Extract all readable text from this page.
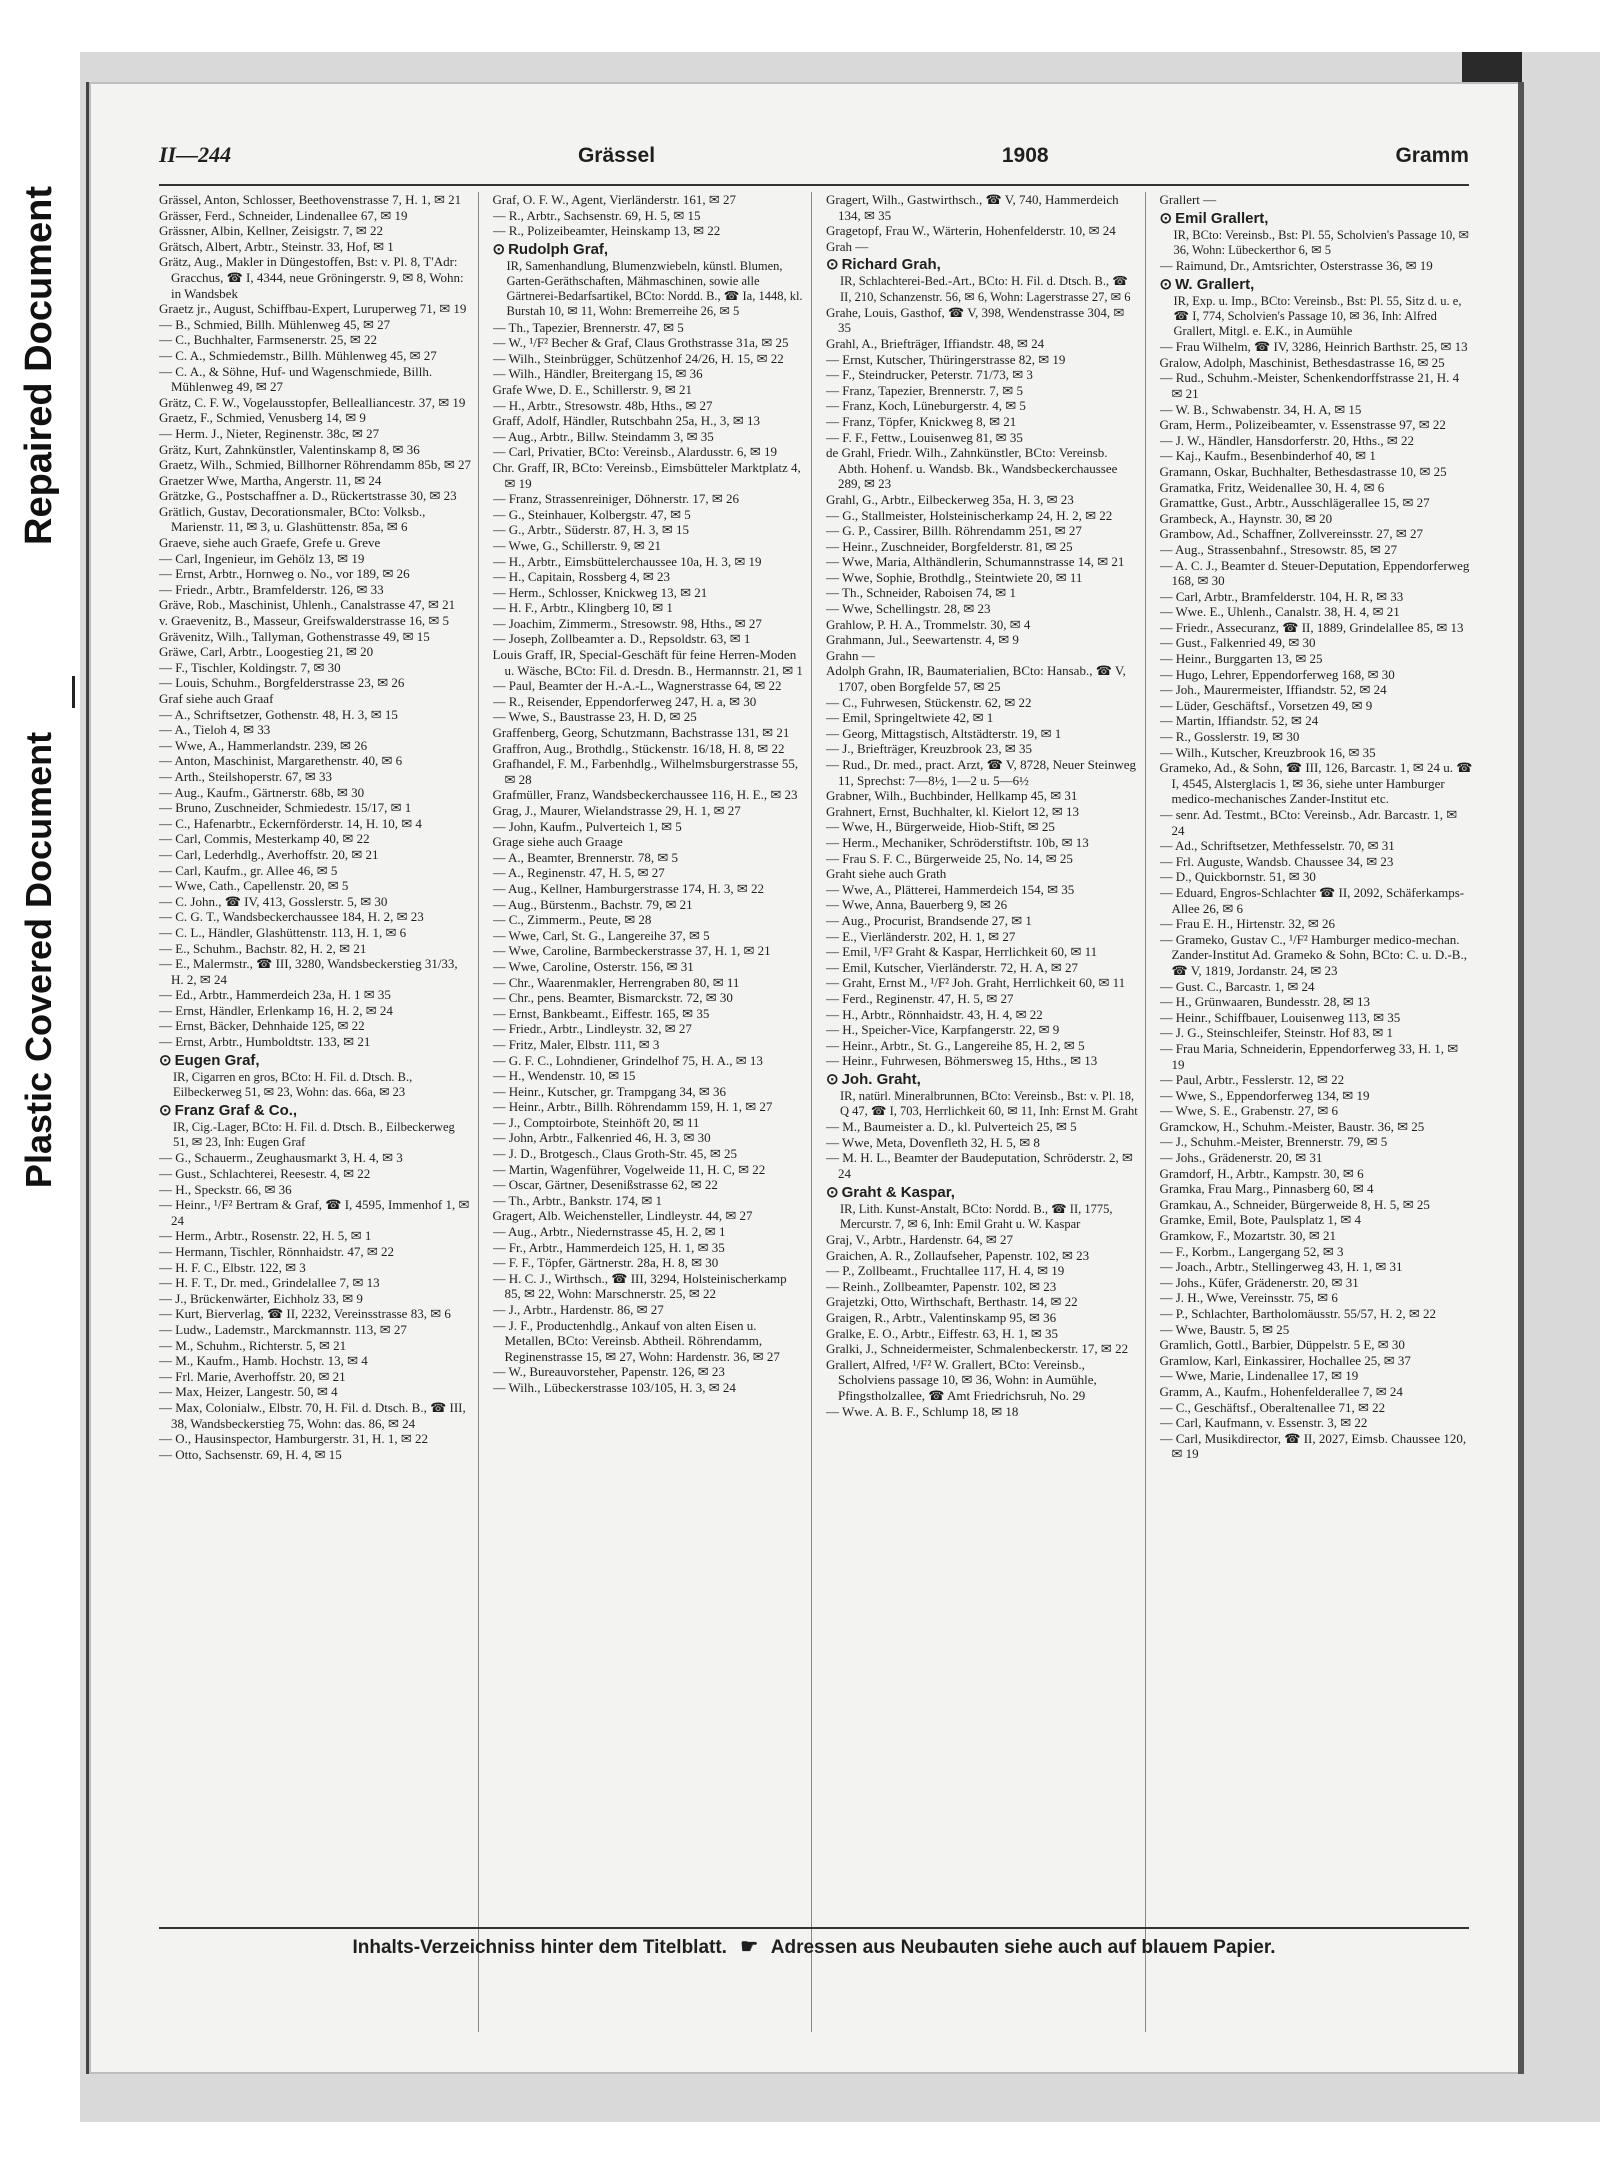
Repaired Document
Plastic Covered Document
II—244	Grässel	1908	Gramm

Grässel, Anton, Schlosser, Beethovenstrasse 7, H. 1, ✉ 21

Grässer, Ferd., Schneider, Lindenallee 67, ✉ 19

Grässner, Albin, Kellner, Zeisigstr. 7, ✉ 22

Grätsch, Albert, Arbtr., Steinstr. 33, Hof, ✉ 1

Grätz, Aug., Makler in Düngestoffen, Bst: v. Pl. 8, T'Adr: Gracchus, ☎ I, 4344, neue Gröningerstr. 9, ✉ 8, Wohn: in Wandsbek

Graetz jr., August, Schiffbau-Expert, Luruperweg 71, ✉ 19

— B., Schmied, Billh. Mühlenweg 45, ✉ 27

— C., Buchhalter, Farmsenerstr. 25, ✉ 22

— C. A., Schmiedemstr., Billh. Mühlenweg 45, ✉ 27

— C. A., & Söhne, Huf- und Wagenschmiede, Billh. Mühlenweg 49, ✉ 27

Grätz, C. F. W., Vogelausstopfer, Bellealliancestr. 37, ✉ 19

Graetz, F., Schmied, Venusberg 14, ✉ 9

— Herm. J., Nieter, Reginenstr. 38c, ✉ 27

Grätz, Kurt, Zahnkünstler, Valentinskamp 8, ✉ 36

Graetz, Wilh., Schmied, Billhorner Röhrendamm 85b, ✉ 27

Graetzer Wwe, Martha, Angerstr. 11, ✉ 24

Grätzke, G., Postschaffner a. D., Rückertstrasse 30, ✉ 23

Grätlich, Gustav, Decorationsmaler, BCto: Volksb., Marienstr. 11, ✉ 3, u. Glashüttenstr. 85a, ✉ 6

Graeve, siehe auch Graefe, Grefe u. Greve

— Carl, Ingenieur, im Gehölz 13, ✉ 19

— Ernst, Arbtr., Hornweg o. No., vor 189, ✉ 26

— Friedr., Arbtr., Bramfelderstr. 126, ✉ 33

Gräve, Rob., Maschinist, Uhlenh., Canalstrasse 47, ✉ 21

v. Graevenitz, B., Masseur, Greifswalderstrasse 16, ✉ 5

Grävenitz, Wilh., Tallyman, Gothenstrasse 49, ✉ 15

Gräwe, Carl, Arbtr., Loogestieg 21, ✉ 20

— F., Tischler, Koldingstr. 7, ✉ 30

— Louis, Schuhm., Borgfelderstrasse 23, ✉ 26

Graf siehe auch Graaf

— A., Schriftsetzer, Gothenstr. 48, H. 3, ✉ 15

— A., Tieloh 4, ✉ 33

— Wwe, A., Hammerlandstr. 239, ✉ 26

— Anton, Maschinist, Margarethenstr. 40, ✉ 6

— Arth., Steilshoperstr. 67, ✉ 33

— Aug., Kaufm., Gärtnerstr. 68b, ✉ 30

— Bruno, Zuschneider, Schmiedestr. 15/17, ✉ 1

— C., Hafenarbtr., Eckernförderstr. 14, H. 10, ✉ 4

— Carl, Commis, Mesterkamp 40, ✉ 22

— Carl, Lederhdlg., Averhoffstr. 20, ✉ 21

— Carl, Kaufm., gr. Allee 46, ✉ 5

— Wwe, Cath., Capellenstr. 20, ✉ 5

— C. John., ☎ IV, 413, Gosslerstr. 5, ✉ 30

— C. G. T., Wandsbeckerchaussee 184, H. 2, ✉ 23

— C. L., Händler, Glashüttenstr. 113, H. 1, ✉ 6

— E., Schuhm., Bachstr. 82, H. 2, ✉ 21

— E., Malermstr., ☎ III, 3280, Wandsbeckerstieg 31/33, H. 2, ✉ 24

— Ed., Arbtr., Hammerdeich 23a, H. 1 ✉ 35

— Ernst, Händler, Erlenkamp 16, H. 2, ✉ 24

— Ernst, Bäcker, Dehnhaide 125, ✉ 22

— Ernst, Arbtr., Humboldtstr. 133, ✉ 21

⊙ Eugen Graf,
IR, Cigarren en gros, BCto: H. Fil. d. Dtsch. B., Eilbeckerweg 51, ✉ 23, Wohn: das. 66a, ✉ 23
⊙ Franz Graf & Co.,
IR, Cig.-Lager, BCto: H. Fil. d. Dtsch. B., Eilbeckerweg 51, ✉ 23, Inh: Eugen Graf

— G., Schauerm., Zeughausmarkt 3, H. 4, ✉ 3

— Gust., Schlachterei, Reesestr. 4, ✉ 22

— H., Speckstr. 66, ✉ 36

— Heinr., ¹/F² Bertram & Graf, ☎ I, 4595, Immenhof 1, ✉ 24

— Herm., Arbtr., Rosenstr. 22, H. 5, ✉ 1

— Hermann, Tischler, Rönnhaidstr. 47, ✉ 22

— H. F. C., Elbstr. 122, ✉ 3

— H. F. T., Dr. med., Grindelallee 7, ✉ 13

— J., Brückenwärter, Eichholz 33, ✉ 9

— Kurt, Bierverlag, ☎ II, 2232, Vereinsstrasse 83, ✉ 6

— Ludw., Lademstr., Marckmannstr. 113, ✉ 27

— M., Schuhm., Richterstr. 5, ✉ 21

— M., Kaufm., Hamb. Hochstr. 13, ✉ 4

— Frl. Marie, Averhoffstr. 20, ✉ 21

— Max, Heizer, Langestr. 50, ✉ 4

— Max, Colonialw., Elbstr. 70, H. Fil. d. Dtsch. B., ☎ III, 38, Wandsbeckerstieg 75, Wohn: das. 86, ✉ 24

— O., Hausinspector, Hamburgerstr. 31, H. 1, ✉ 22

— Otto, Sachsenstr. 69, H. 4, ✉ 15

Graf, O. F. W., Agent, Vierländerstr. 161, ✉ 27

— R., Arbtr., Sachsenstr. 69, H. 5, ✉ 15

— R., Polizeibeamter, Heinskamp 13, ✉ 22

⊙ Rudolph Graf,
IR, Samenhandlung, Blumenzwiebeln, künstl. Blumen, Garten-Geräthschaften, Mähmaschinen, sowie alle Gärtnerei-Bedarfsartikel, BCto: Nordd. B., ☎ Ia, 1448, kl. Burstah 10, ✉ 11, Wohn: Bremerreihe 26, ✉ 5

— Th., Tapezier, Brennerstr. 47, ✉ 5

— W., ¹/F² Becher & Graf, Claus Grothstrasse 31a, ✉ 25

— Wilh., Steinbrügger, Schützenhof 24/26, H. 15, ✉ 22

— Wilh., Händler, Breitergang 15, ✉ 36

Grafe Wwe, D. E., Schillerstr. 9, ✉ 21

— H., Arbtr., Stresowstr. 48b, Hths., ✉ 27

Graff, Adolf, Händler, Rutschbahn 25a, H., 3, ✉ 13

— Aug., Arbtr., Billw. Steindamm 3, ✉ 35

— Carl, Privatier, BCto: Vereinsb., Alardusstr. 6, ✉ 19

Chr. Graff, IR, BCto: Vereinsb., Eimsbütteler Marktplatz 4, ✉ 19

— Franz, Strassenreiniger, Döhnerstr. 17, ✉ 26

— G., Steinhauer, Kolbergstr. 47, ✉ 5

— G., Arbtr., Süderstr. 87, H. 3, ✉ 15

— Wwe, G., Schillerstr. 9, ✉ 21

— H., Arbtr., Eimsbüttelerchaussee 10a, H. 3, ✉ 19

— H., Capitain, Rossberg 4, ✉ 23

— Herm., Schlosser, Knickweg 13, ✉ 21

— H. F., Arbtr., Klingberg 10, ✉ 1

— Joachim, Zimmerm., Stresowstr. 98, Hths., ✉ 27

— Joseph, Zollbeamter a. D., Repsoldstr. 63, ✉ 1

Louis Graff, IR, Special-Geschäft für feine Herren-Moden u. Wäsche, BCto: Fil. d. Dresdn. B., Hermannstr. 21, ✉ 1

— Paul, Beamter der H.-A.-L., Wagnerstrasse 64, ✉ 22

— R., Reisender, Eppendorferweg 247, H. a, ✉ 30

— Wwe, S., Baustrasse 23, H. D, ✉ 25

Graffenberg, Georg, Schutzmann, Bachstrasse 131, ✉ 21

Graffron, Aug., Brothdlg., Stückenstr. 16/18, H. 8, ✉ 22

Grafhandel, F. M., Farbenhdlg., Wilhelmsburgerstrasse 55, ✉ 28

Grafmüller, Franz, Wandsbeckerchaussee 116, H. E., ✉ 23

Grag, J., Maurer, Wielandstrasse 29, H. 1, ✉ 27

— John, Kaufm., Pulverteich 1, ✉ 5

Grage siehe auch Graage

— A., Beamter, Brennerstr. 78, ✉ 5

— A., Reginenstr. 47, H. 5, ✉ 27

— Aug., Kellner, Hamburgerstrasse 174, H. 3, ✉ 22

— Aug., Bürstenm., Bachstr. 79, ✉ 21

— C., Zimmerm., Peute, ✉ 28

— Wwe, Carl, St. G., Langereihe 37, ✉ 5

— Wwe, Caroline, Barmbeckerstrasse 37, H. 1, ✉ 21

— Wwe, Caroline, Osterstr. 156, ✉ 31

— Chr., Waarenmakler, Herrengraben 80, ✉ 11

— Chr., pens. Beamter, Bismarckstr. 72, ✉ 30

— Ernst, Bankbeamt., Eiffestr. 165, ✉ 35

— Friedr., Arbtr., Lindleystr. 32, ✉ 27

— Fritz, Maler, Elbstr. 111, ✉ 3

— G. F. C., Lohndiener, Grindelhof 75, H. A., ✉ 13

— H., Wendenstr. 10, ✉ 15

— Heinr., Kutscher, gr. Trampgang 34, ✉ 36

— Heinr., Arbtr., Billh. Röhrendamm 159, H. 1, ✉ 27

— J., Comptoirbote, Steinhöft 20, ✉ 11

— John, Arbtr., Falkenried 46, H. 3, ✉ 30

— J. D., Brotgesch., Claus Groth-Str. 45, ✉ 25

— Martin, Wagenführer, Vogelweide 11, H. C, ✉ 22

— Oscar, Gärtner, Desenißstrasse 62, ✉ 22

— Th., Arbtr., Bankstr. 174, ✉ 1

Gragert, Alb. Weichensteller, Lindleystr. 44, ✉ 27

— Aug., Arbtr., Niedernstrasse 45, H. 2, ✉ 1

— Fr., Arbtr., Hammerdeich 125, H. 1, ✉ 35

— F. F., Töpfer, Gärtnerstr. 28a, H. 8, ✉ 30

— H. C. J., Wirthsch., ☎ III, 3294, Holsteinischerkamp 85, ✉ 22, Wohn: Marschnerstr. 25, ✉ 22

— J., Arbtr., Hardenstr. 86, ✉ 27

— J. F., Productenhdlg., Ankauf von alten Eisen u. Metallen, BCto: Vereinsb. Abtheil. Röhrendamm, Reginenstrasse 15, ✉ 27, Wohn: Hardenstr. 36, ✉ 27

— W., Bureauvorsteher, Papenstr. 126, ✉ 23

— Wilh., Lübeckerstrasse 103/105, H. 3, ✉ 24

Gragert, Wilh., Gastwirthsch., ☎ V, 740, Hammerdeich 134, ✉ 35

Gragetopf, Frau W., Wärterin, Hohenfelderstr. 10, ✉ 24

Grah —

⊙ Richard Grah,
IR, Schlachterei-Bed.-Art., BCto: H. Fil. d. Dtsch. B., ☎ II, 210, Schanzenstr. 56, ✉ 6, Wohn: Lagerstrasse 27, ✉ 6

Grahe, Louis, Gasthof, ☎ V, 398, Wendenstrasse 304, ✉ 35

Grahl, A., Briefträger, Iffiandstr. 48, ✉ 24

— Ernst, Kutscher, Thüringerstrasse 82, ✉ 19

— F., Steindrucker, Peterstr. 71/73, ✉ 3

— Franz, Tapezier, Brennerstr. 7, ✉ 5

— Franz, Koch, Lüneburgerstr. 4, ✉ 5

— Franz, Töpfer, Knickweg 8, ✉ 21

— F. F., Fettw., Louisenweg 81, ✉ 35

de Grahl, Friedr. Wilh., Zahnkünstler, BCto: Vereinsb. Abth. Hohenf. u. Wandsb. Bk., Wandsbeckerchaussee 289, ✉ 23

Grahl, G., Arbtr., Eilbeckerweg 35a, H. 3, ✉ 23

— G., Stallmeister, Holsteinischerkamp 24, H. 2, ✉ 22

— G. P., Cassirer, Billh. Röhrendamm 251, ✉ 27

— Heinr., Zuschneider, Borgfelderstr. 81, ✉ 25

— Wwe, Maria, Althändlerin, Schumannstrasse 14, ✉ 21

— Wwe, Sophie, Brothdlg., Steintwiete 20, ✉ 11

— Th., Schneider, Raboisen 74, ✉ 1

— Wwe, Schellingstr. 28, ✉ 23

Grahlow, P. H. A., Trommelstr. 30, ✉ 4

Grahmann, Jul., Seewartenstr. 4, ✉ 9

Grahn —

Adolph Grahn, IR, Baumaterialien, BCto: Hansab., ☎ V, 1707, oben Borgfelde 57, ✉ 25

— C., Fuhrwesen, Stückenstr. 62, ✉ 22

— Emil, Springeltwiete 42, ✉ 1

— Georg, Mittagstisch, Altstädterstr. 19, ✉ 1

— J., Briefträger, Kreuzbrook 23, ✉ 35

— Rud., Dr. med., pract. Arzt, ☎ V, 8728, Neuer Steinweg 11, Sprechst: 7—8½, 1—2 u. 5—6½

Grabner, Wilh., Buchbinder, Hellkamp 45, ✉ 31

Grahnert, Ernst, Buchhalter, kl. Kielort 12, ✉ 13

— Wwe, H., Bürgerweide, Hiob-Stift, ✉ 25

— Herm., Mechaniker, Schröderstiftstr. 10b, ✉ 13

— Frau S. F. C., Bürgerweide 25, No. 14, ✉ 25

Graht siehe auch Grath

— Wwe, A., Plätterei, Hammerdeich 154, ✉ 35

— Wwe, Anna, Bauerberg 9, ✉ 26

— Aug., Procurist, Brandsende 27, ✉ 1

— E., Vierländerstr. 202, H. 1, ✉ 27

— Emil, ¹/F² Graht & Kaspar, Herrlichkeit 60, ✉ 11

— Emil, Kutscher, Vierländerstr. 72, H. A, ✉ 27

— Graht, Ernst M., ¹/F² Joh. Graht, Herrlichkeit 60, ✉ 11

— Ferd., Reginenstr. 47, H. 5, ✉ 27

— H., Arbtr., Rönnhaidstr. 43, H. 4, ✉ 22

— H., Speicher-Vice, Karpfangerstr. 22, ✉ 9

— Heinr., Arbtr., St. G., Langereihe 85, H. 2, ✉ 5

— Heinr., Fuhrwesen, Böhmersweg 15, Hths., ✉ 13

⊙ Joh. Graht,
IR, natürl. Mineralbrunnen, BCto: Vereinsb., Bst: v. Pl. 18, Q 47, ☎ I, 703, Herrlichkeit 60, ✉ 11, Inh: Ernst M. Graht

— M., Baumeister a. D., kl. Pulverteich 25, ✉ 5

— Wwe, Meta, Dovenfleth 32, H. 5, ✉ 8

— M. H. L., Beamter der Baudeputation, Schröderstr. 2, ✉ 24

⊙ Graht & Kaspar,
IR, Lith. Kunst-Anstalt, BCto: Nordd. B., ☎ II, 1775, Mercurstr. 7, ✉ 6, Inh: Emil Graht u. W. Kaspar

Graj, V., Arbtr., Hardenstr. 64, ✉ 27

Graichen, A. R., Zollaufseher, Papenstr. 102, ✉ 23

— P., Zollbeamt., Fruchtallee 117, H. 4, ✉ 19

— Reinh., Zollbeamter, Papenstr. 102, ✉ 23

Grajetzki, Otto, Wirthschaft, Berthastr. 14, ✉ 22

Graigen, R., Arbtr., Valentinskamp 95, ✉ 36

Gralke, E. O., Arbtr., Eiffestr. 63, H. 1, ✉ 35

Gralki, J., Schneidermeister, Schmalenbeckerstr. 17, ✉ 22

Grallert, Alfred, ¹/F² W. Grallert, BCto: Vereinsb., Scholviens passage 10, ✉ 36, Wohn: in Aumühle, Pfingstholzallee, ☎ Amt Friedrichsruh, No. 29

— Wwe. A. B. F., Schlump 18, ✉ 18

Grallert —

⊙ Emil Grallert,
IR, BCto: Vereinsb., Bst: Pl. 55, Scholvien's Passage 10, ✉ 36, Wohn: Lübeckerthor 6, ✉ 5

— Raimund, Dr., Amtsrichter, Osterstrasse 36, ✉ 19

⊙ W. Grallert,
IR, Exp. u. Imp., BCto: Vereinsb., Bst: Pl. 55, Sitz d. u. e, ☎ I, 774, Scholvien's Passage 10, ✉ 36, Inh: Alfred Grallert, Mitgl. e. E.K., in Aumühle

— Frau Wilhelm, ☎ IV, 3286, Heinrich Barthstr. 25, ✉ 13

Gralow, Adolph, Maschinist, Bethesdastrasse 16, ✉ 25

— Rud., Schuhm.-Meister, Schenkendorffstrasse 21, H. 4 ✉ 21

— W. B., Schwabenstr. 34, H. A, ✉ 15

Gram, Herm., Polizeibeamter, v. Essenstrasse 97, ✉ 22

— J. W., Händler, Hansdorferstr. 20, Hths., ✉ 22

— Kaj., Kaufm., Besenbinderhof 40, ✉ 1

Gramann, Oskar, Buchhalter, Bethesdastrasse 10, ✉ 25

Gramatka, Fritz, Weidenallee 30, H. 4, ✉ 6

Gramattke, Gust., Arbtr., Ausschlägerallee 15, ✉ 27

Grambeck, A., Haynstr. 30, ✉ 20

Grambow, Ad., Schaffner, Zollvereinsstr. 27, ✉ 27

— Aug., Strassenbahnf., Stresowstr. 85, ✉ 27

— A. C. J., Beamter d. Steuer-Deputation, Eppendorferweg 168, ✉ 30

— Carl, Arbtr., Bramfelderstr. 104, H. R, ✉ 33

— Wwe. E., Uhlenh., Canalstr. 38, H. 4, ✉ 21

— Friedr., Assecuranz, ☎ II, 1889, Grindelallee 85, ✉ 13

— Gust., Falkenried 49, ✉ 30

— Heinr., Burggarten 13, ✉ 25

— Hugo, Lehrer, Eppendorferweg 168, ✉ 30

— Joh., Maurermeister, Iffiandstr. 52, ✉ 24

— Lüder, Geschäftsf., Vorsetzen 49, ✉ 9

— Martin, Iffiandstr. 52, ✉ 24

— R., Gosslerstr. 19, ✉ 30

— Wilh., Kutscher, Kreuzbrook 16, ✉ 35

Grameko, Ad., & Sohn, ☎ III, 126, Barcastr. 1, ✉ 24 u. ☎ I, 4545, Alsterglacis 1, ✉ 36, siehe unter Hamburger medico-mechanisches Zander-Institut etc.

— senr. Ad. Testmt., BCto: Vereinsb., Adr. Barcastr. 1, ✉ 24

— Ad., Schriftsetzer, Methfesselstr. 70, ✉ 31

— Frl. Auguste, Wandsb. Chaussee 34, ✉ 23

— D., Quickbornstr. 51, ✉ 30

— Eduard, Engros-Schlachter ☎ II, 2092, Schäferkamps-Allee 26, ✉ 6

— Frau E. H., Hirtenstr. 32, ✉ 26

— Grameko, Gustav C., ¹/F² Hamburger medico-mechan. Zander-Institut Ad. Grameko & Sohn, BCto: C. u. D.-B., ☎ V, 1819, Jordanstr. 24, ✉ 23

— Gust. C., Barcastr. 1, ✉ 24

— H., Grünwaaren, Bundesstr. 28, ✉ 13

— Heinr., Schiffbauer, Louisenweg 113, ✉ 35

— J. G., Steinschleifer, Steinstr. Hof 83, ✉ 1

— Frau Maria, Schneiderin, Eppendorferweg 33, H. 1, ✉ 19

— Paul, Arbtr., Fesslerstr. 12, ✉ 22

— Wwe, S., Eppendorferweg 134, ✉ 19

— Wwe, S. E., Grabenstr. 27, ✉ 6

Gramckow, H., Schuhm.-Meister, Baustr. 36, ✉ 25

— J., Schuhm.-Meister, Brennerstr. 79, ✉ 5

— Johs., Grädenerstr. 20, ✉ 31

Gramdorf, H., Arbtr., Kampstr. 30, ✉ 6

Gramka, Frau Marg., Pinnasberg 60, ✉ 4

Gramkau, A., Schneider, Bürgerweide 8, H. 5, ✉ 25

Gramke, Emil, Bote, Paulsplatz 1, ✉ 4

Gramkow, F., Mozartstr. 30, ✉ 21

— F., Korbm., Langergang 52, ✉ 3

— Joach., Arbtr., Stellingerweg 43, H. 1, ✉ 31

— Johs., Küfer, Grädenerstr. 20, ✉ 31

— J. H., Wwe, Vereinsstr. 75, ✉ 6

— P., Schlachter, Bartholomäusstr. 55/57, H. 2, ✉ 22

— Wwe, Baustr. 5, ✉ 25

Gramlich, Gottl., Barbier, Düppelstr. 5 E, ✉ 30

Gramlow, Karl, Einkassirer, Hochallee 25, ✉ 37

— Wwe, Marie, Lindenallee 17, ✉ 19

Gramm, A., Kaufm., Hohenfelderallee 7, ✉ 24

— C., Geschäftsf., Oberaltenallee 71, ✉ 22

— Carl, Kaufmann, v. Essenstr. 3, ✉ 22

— Carl, Musikdirector, ☎ II, 2027, Eimsb. Chaussee 120, ✉ 19

Inhalts-Verzeichniss hinter dem Titelblatt. ☛ Adressen aus Neubauten siehe auch auf blauem Papier.
